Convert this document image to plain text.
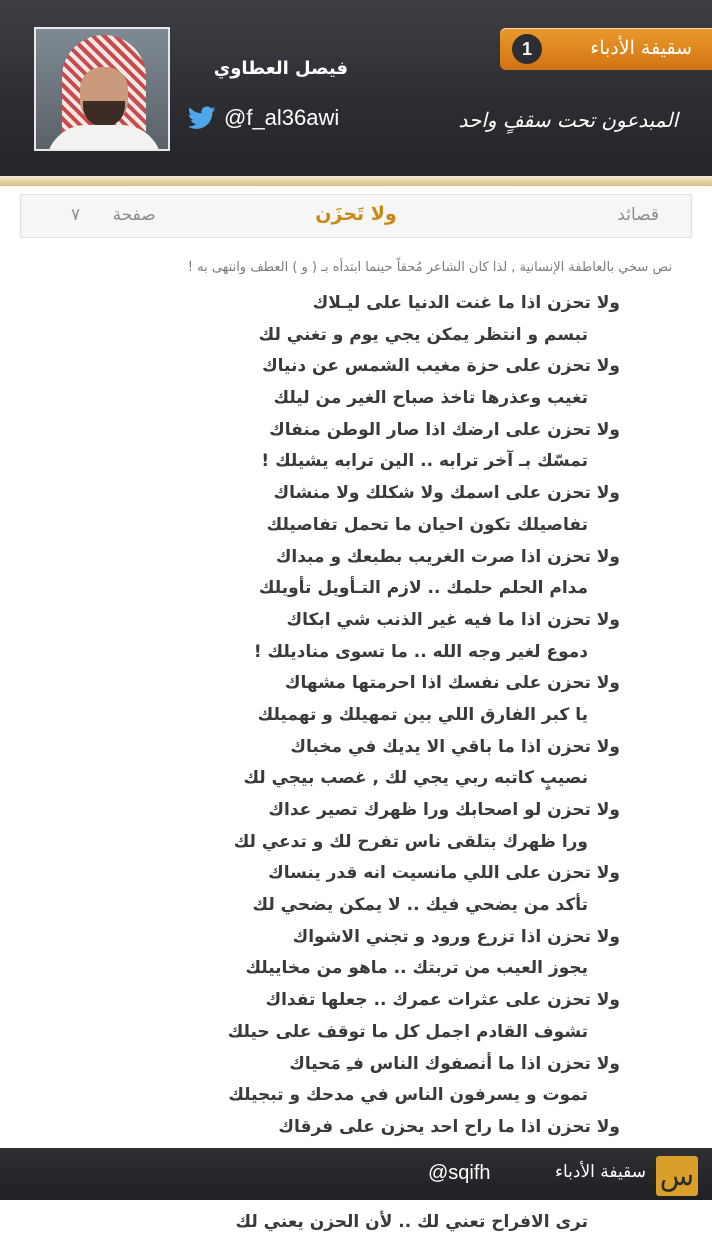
فيصل العطاوي
@f_al36awi
1	سقيفة الأدباء
المبدعون تحت سقفٍ واحد
قصائد
ولا تَحزَن
صفحة      ٧
نص سخي بالعاطفة الإنسانية , لذا كان الشاعر مُحقاً حينما ابتدأه بـ ( و ) العطف وانتهى به !
ولا تحزن اذا ما غنت الدنيا على ليـلاك
تبسم و انتظر يمكن يجي يوم و تغني لك
ولا تحزن على حزة مغيب الشمس عن دنياك
تغيب وعذرها تاخذ صباح الغير من ليلك
ولا تحزن على ارضك اذا صار الوطن منفاك
تمسّك بـ آخر ترابه .. الين ترابه يشيلك !
ولا تحزن على اسمك ولا شكلك ولا منشاك
تفاصيلك تكون احيان ما تحمل تفاصيلك
ولا تحزن اذا صرت الغريب بطبعك و مبداك
مدام الحلم حلمك .. لازم التـأويل تأويلك
ولا تحزن اذا ما فيه غير الذنب شي ابكاك
دموع لغير وجه الله .. ما تسوى مناديلك !
ولا تحزن على نفسك اذا احرمتها مشهاك
يا كبر الفارق اللي بين تمهيلك و تهميلك
ولا تحزن اذا ما باقي الا يديك في مخباك
نصيبٍ كاتبه ربي يجي لك , غصب بيجي لك
ولا تحزن لو اصحابك ورا ظهرك تصير عداك
ورا ظهرك بتلقى ناس تفرح لك و تدعي لك
ولا تحزن على اللي مانسيت انه قدر ينساك
تأكد من يضحي فيك .. لا يمكن يضحي لك
ولا تحزن اذا تزرع ورود و تجني الاشواك
يجوز العيب من تربتك .. ماهو من مخاييلك
ولا تحزن على عثرات عمرك .. جعلها تفداك
تشوف القادم اجمل كل ما توقف على حيلك
ولا تحزن اذا ما أنصفوك الناس فـِ مَحياك
تموت و يسرفون الناس في مدحك و تبجيلك
ولا تحزن اذا ما راح احد يحزن على فرقاك
ترى الافراح تعني لك .. لأن الحزن يعني لك
س
سقيفة الأدباء
@sqifh
